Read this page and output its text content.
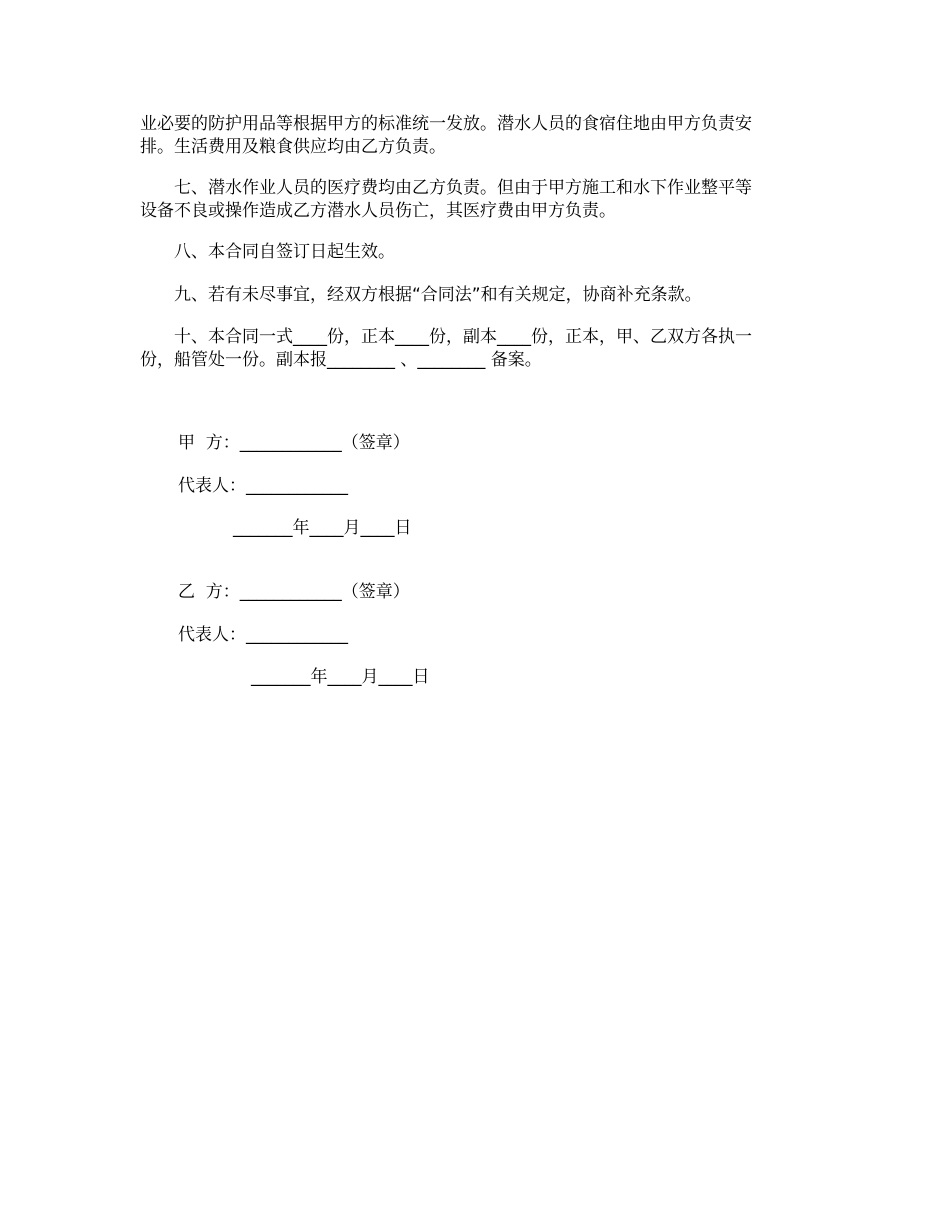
业必要的防护用品等根据甲方的标准统一发放。潜水人员的食宿住地由甲方负责安
排。生活费用及粮食供应均由乙方负责。

　　七、潜水作业人员的医疗费均由乙方负责。但由于甲方施工和水下作业整平等
设备不良或操作造成乙方潜水人员伤亡，其医疗费由甲方负责。

　　八、本合同自签订日起生效。

　　九、若有未尽事宜，经双方根据“合同法”和有关规定，协商补充条款。

　　十、本合同一式____份，正本____份，副本____份，正本，甲、乙双方各执一
份，船管处一份。副本报________ 、________ 备案。

甲  方：____________（签章）
代表人：____________
_______年____月____日
乙  方：____________（签章）
代表人：____________
_______年____月____日
